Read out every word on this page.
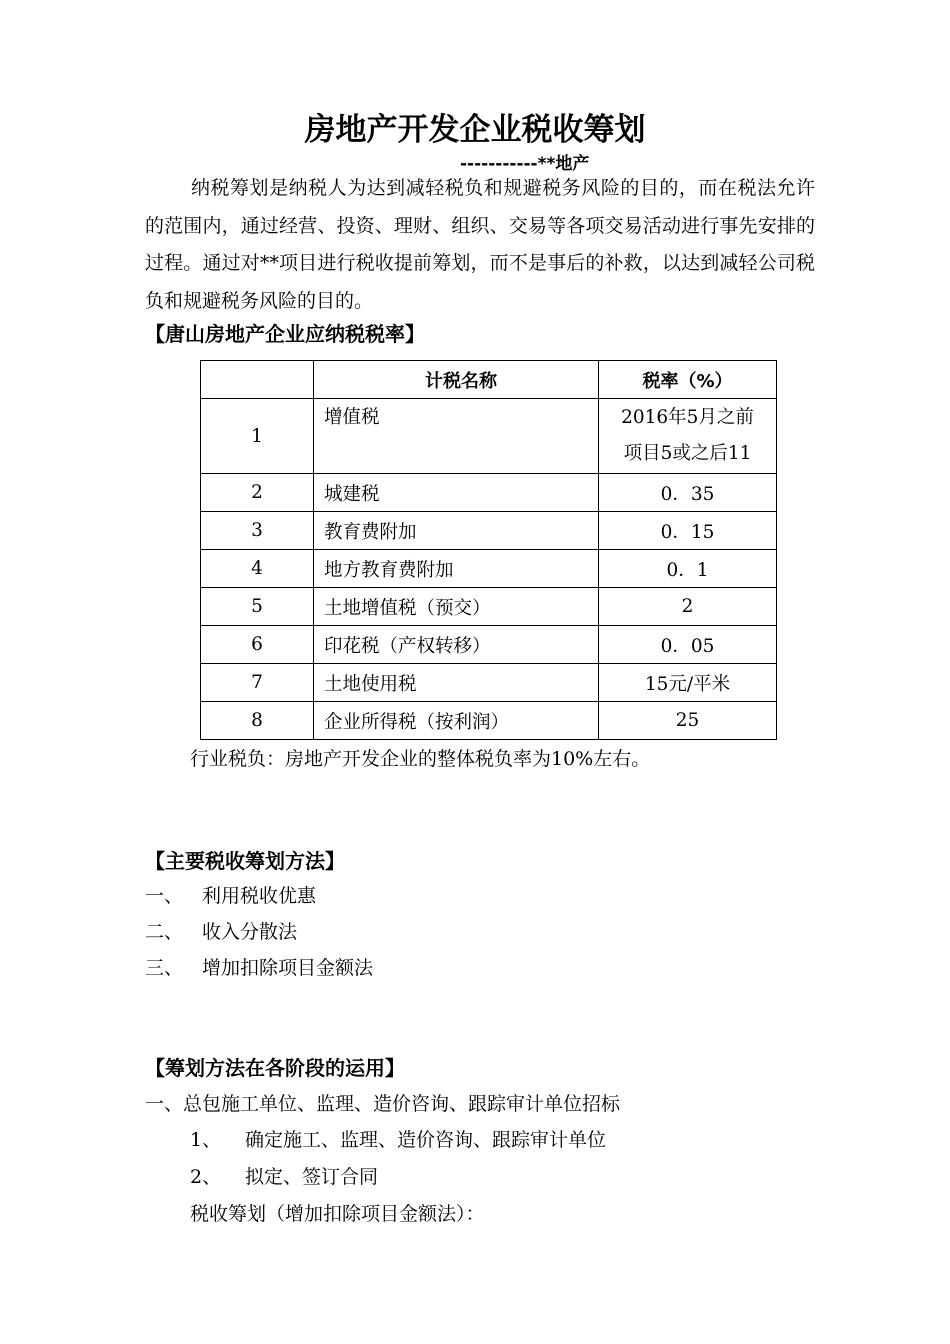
房地产开发企业税收筹划
-----------**地产

纳税筹划是纳税人为达到减轻税负和规避税务风险的目的，而在税法允许的范围内，通过经营、投资、理财、组织、交易等各项交易活动进行事先安排的过程。通过对**项目进行税收提前筹划，而不是事后的补救，以达到减轻公司税负和规避税务风险的目的。

【唐山房地产企业应纳税税率】
	计税名称	税率（%）
1	增值税	2016年5月之前
项目5或之后11

2	城建税	0．35
3	教育费附加	0．15
4	地方教育费附加	0．1
5	土地增值税（预交）	2
6	印花税（产权转移）	0．05
7	土地使用税	15元/平米
8	企业所得税（按利润）	25
行业税负：房地产开发企业的整体税负率为10%左右。
【主要税收筹划方法】
一、 利用税收优惠
二、 收入分散法
三、 增加扣除项目金额法
【筹划方法在各阶段的运用】
一、总包施工单位、监理、造价咨询、跟踪审计单位招标
1、 确定施工、监理、造价咨询、跟踪审计单位
2、 拟定、签订合同
税收筹划（增加扣除项目金额法）：
